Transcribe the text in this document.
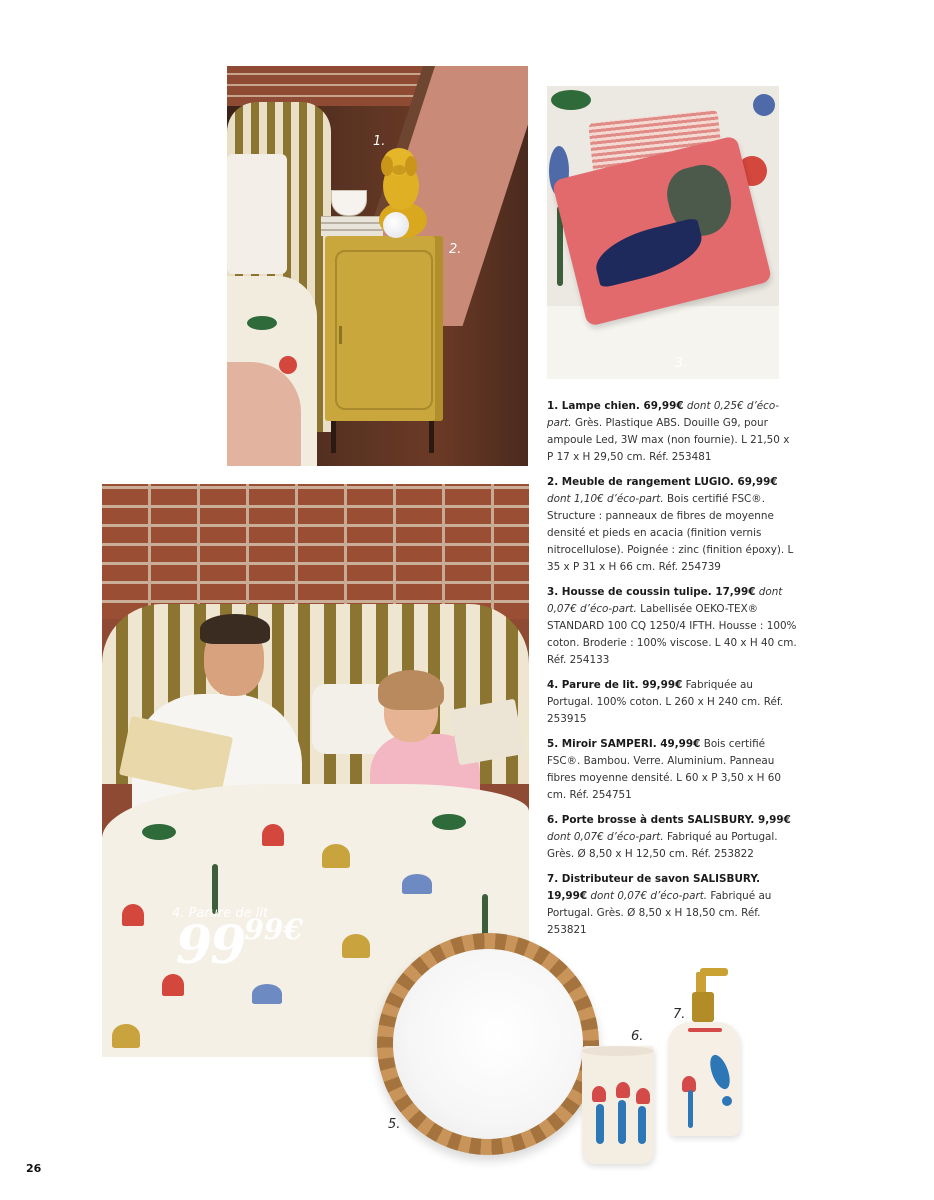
1.
2.
3.
4. Parure de lit
9999€
5.
6.
7.

1. Lampe chien. 69,99€ dont 0,25€ d’éco-part. Grès. Plastique ABS. Douille G9, pour ampoule Led, 3W max (non fournie). L 21,50 x P 17 x H 29,50 cm. Réf. 253481

2. Meuble de rangement LUGIO. 69,99€ dont 1,10€ d’éco-part. Bois certifié FSC®. Structure : panneaux de fibres de moyenne densité et pieds en acacia (finition vernis nitrocellulose). Poignée : zinc (finition époxy). L 35 x P 31 x H 66 cm. Réf. 254739

3. Housse de coussin tulipe. 17,99€ dont 0,07€ d’éco-part. Labellisée OEKO-TEX® STANDARD 100 CQ 1250/4 IFTH. Housse : 100% coton. Broderie : 100% viscose. L 40 x H 40 cm. Réf. 254133

4. Parure de lit. 99,99€ Fabriquée au Portugal. 100% coton. L 260 x H 240 cm. Réf. 253915

5. Miroir SAMPERI. 49,99€ Bois certifié FSC®. Bambou. Verre. Aluminium. Panneau fibres moyenne densité. L 60 x P 3,50 x H 60 cm. Réf. 254751

6. Porte brosse à dents SALISBURY. 9,99€ dont 0,07€ d’éco-part. Fabriqué au Portugal. Grès. Ø 8,50 x H 12,50 cm. Réf. 253822

7. Distributeur de savon SALISBURY. 19,99€ dont 0,07€ d’éco-part. Fabriqué au Portugal. Grès. Ø 8,50 x H 18,50 cm. Réf. 253821

26
